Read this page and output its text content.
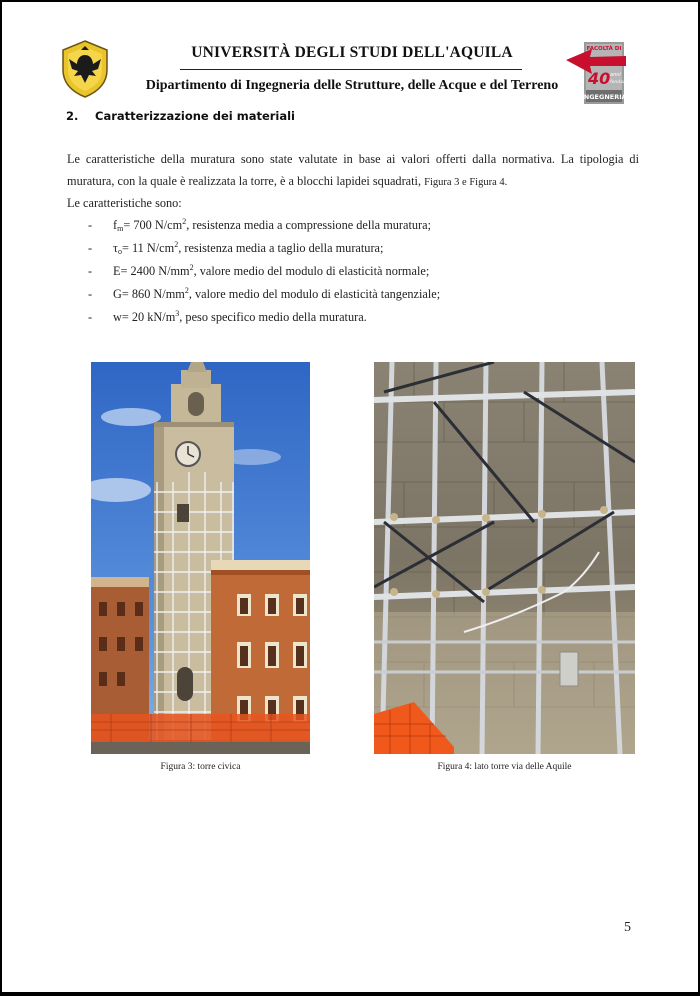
UNIVERSITÀ DEGLI STUDI DELL'AQUILA
Dipartimento di Ingegneria delle Strutture, delle Acque e del Terreno
FACOLTÀ DI
40 anni
fondaz.
INGEGNERIA
2. Caratterizzazione dei materiali
Le caratteristiche della muratura sono state valutate in base ai valori offerti dalla normativa. La tipologia di muratura, con la quale è realizzata la torre, è a blocchi lapidei squadrati, Figura 3 e Figura 4.
Le caratteristiche sono:
- $f_m= 700$ $N/cm^2$, resistenza media a compressione della muratura;
- $\tau_o= 11$ $N/cm^2$, resistenza media a taglio della muratura;
- E= 2400 $N/mm^2$, valore medio del modulo di elasticità normale;
- G= 860 $N/mm^2$, valore medio del modulo di elasticità tangenziale;
- w= 20 $kN/m^3$, peso specifico medio della muratura.
Figura 3: torre civica	Figura 4: lato torre via delle Aquile
5
